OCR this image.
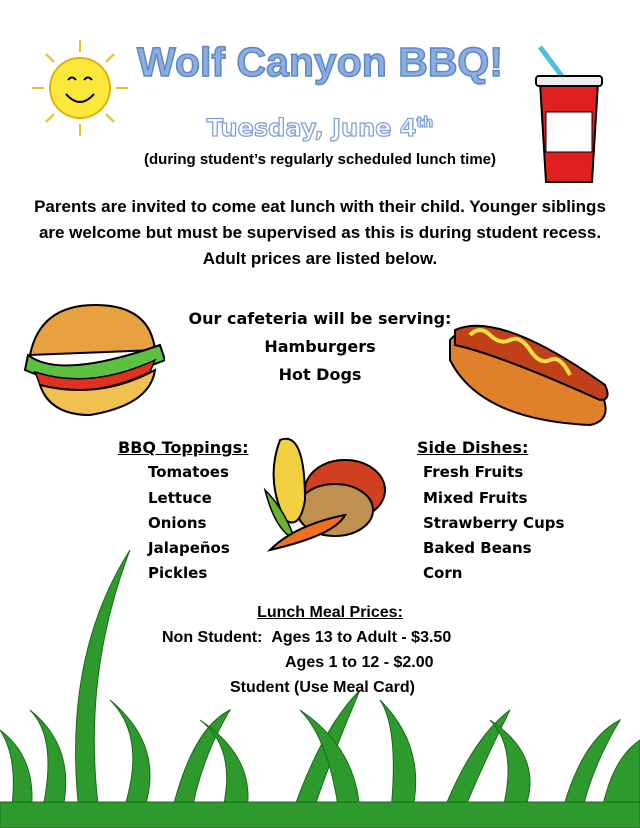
Wolf Canyon BBQ!
Tuesday, June 4th
(during student’s regularly scheduled lunch time)
Parents are invited to come eat lunch with their child. Younger siblings are welcome but must be supervised as this is during student recess. Adult prices are listed below.
Our cafeteria will be serving:
Hamburgers
Hot Dogs
BBQ Toppings:
Tomatoes
Lettuce
Onions
Jalapeños
Pickles
Side Dishes:
Fresh Fruits
Mixed Fruits
Strawberry Cups
Baked Beans
Corn
Lunch Meal Prices:
Non Student: Ages 13 to Adult - $3.50
Ages 1 to 12 - $2.00
Student (Use Meal Card)
